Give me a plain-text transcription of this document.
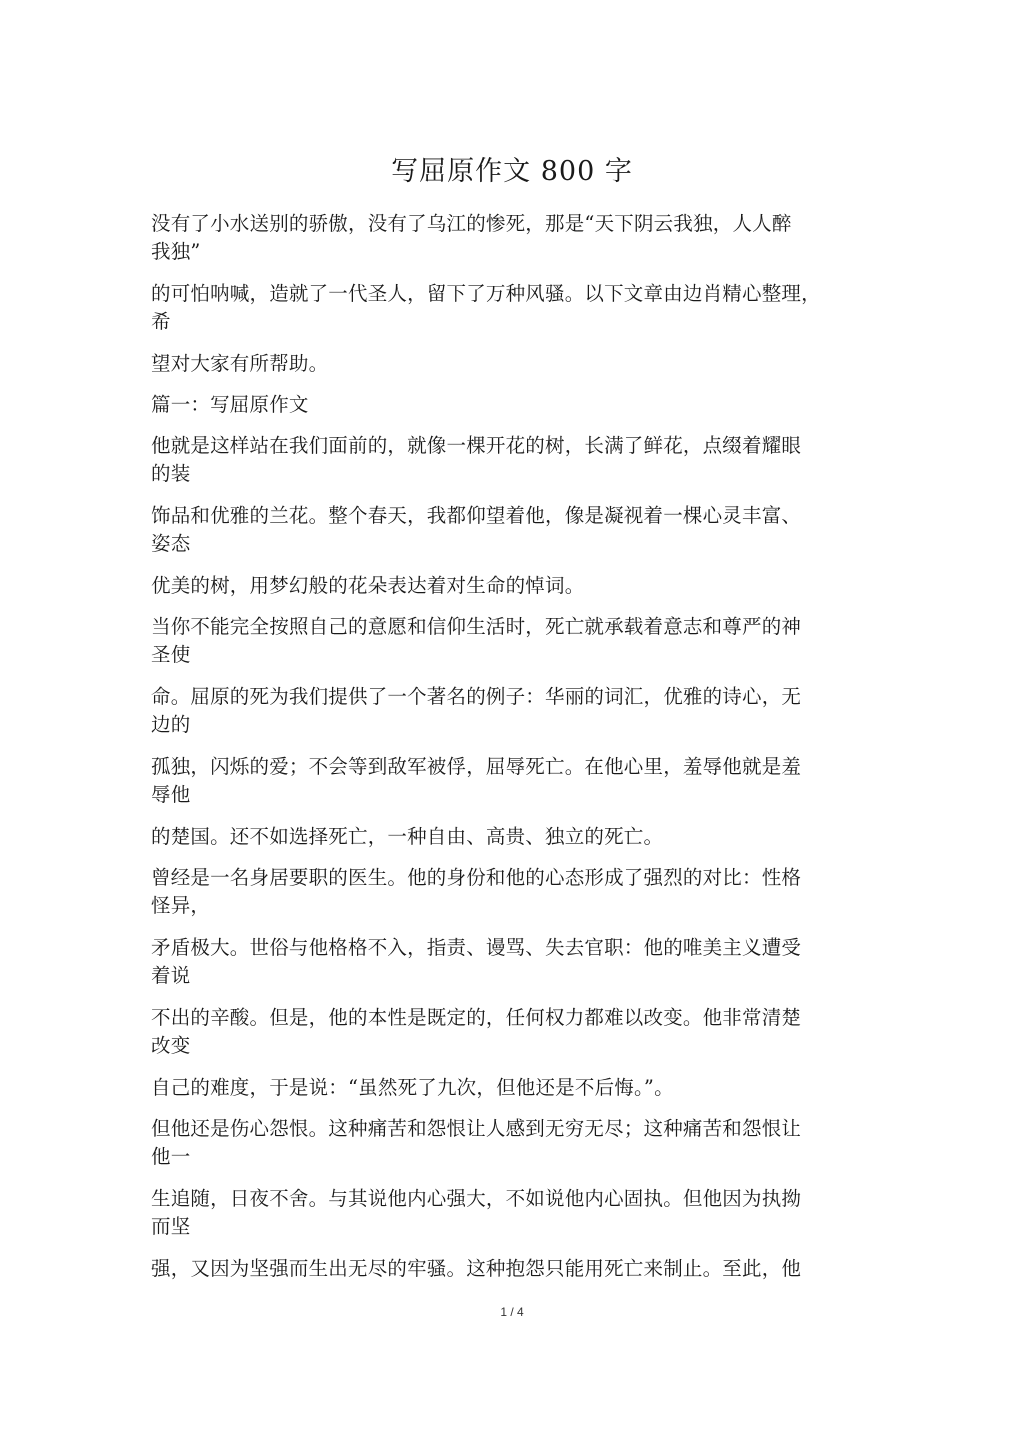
写屈原作文 800 字

没有了小水送别的骄傲，没有了乌江的惨死，那是“天下阴云我独，人人醉
我独”

的可怕呐喊，造就了一代圣人，留下了万种风骚。以下文章由边肖精心整理，
希

望对大家有所帮助。

篇一：写屈原作文

他就是这样站在我们面前的，就像一棵开花的树，长满了鲜花，点缀着耀眼
的装

饰品和优雅的兰花。整个春天，我都仰望着他，像是凝视着一棵心灵丰富、
姿态

优美的树，用梦幻般的花朵表达着对生命的悼词。

当你不能完全按照自己的意愿和信仰生活时，死亡就承载着意志和尊严的神
圣使

命。屈原的死为我们提供了一个著名的例子：华丽的词汇，优雅的诗心，无
边的

孤独，闪烁的爱；不会等到敌军被俘，屈辱死亡。在他心里，羞辱他就是羞
辱他

的楚国。还不如选择死亡，一种自由、高贵、独立的死亡。

曾经是一名身居要职的医生。他的身份和他的心态形成了强烈的对比：性格
怪异，

矛盾极大。世俗与他格格不入，指责、谩骂、失去官职：他的唯美主义遭受
着说

不出的辛酸。但是，他的本性是既定的，任何权力都难以改变。他非常清楚
改变

自己的难度，于是说：“虽然死了九次，但他还是不后悔。”。

但他还是伤心怨恨。这种痛苦和怨恨让人感到无穷无尽；这种痛苦和怨恨让
他一

生追随，日夜不舍。与其说他内心强大，不如说他内心固执。但他因为执拗
而坚

强，又因为坚强而生出无尽的牢骚。这种抱怨只能用死亡来制止。至此，他

1 / 4
